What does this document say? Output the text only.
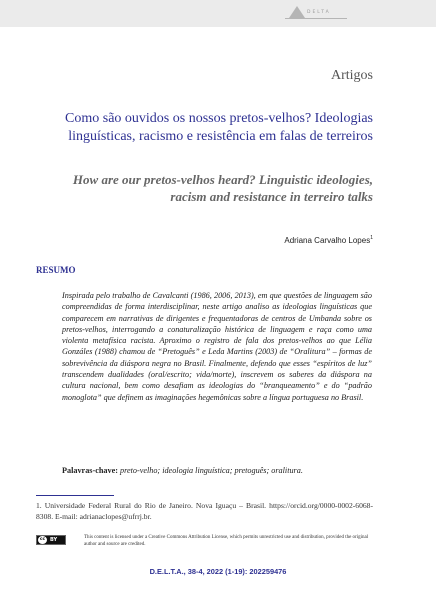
DELTA
Artigos
Como são ouvidos os nossos pretos-velhos? Ideologias linguísticas, racismo e resistência em falas de terreiros
How are our pretos-velhos heard? Linguistic ideologies, racism and resistance in terreiro talks
Adriana Carvalho Lopes$^1$
RESUMO
Inspirada pelo trabalho de Cavalcanti (1986, 2006, 2013), em que questões de linguagem são compreendidas de forma interdisciplinar, neste artigo analiso as ideologias linguísticas que comparecem em narrativas de dirigentes e frequentadoras de centros de Umbanda sobre os pretos-velhos, interrogando a conaturalização histórica de linguagem e raça como uma violenta metafísica racista. Aproximo o registro de fala dos pretos-velhos ao que Lélia Gonzáles (1988) chamou de “Pretoguês” e Leda Martins (2003) de “Oralitura” – formas de sobrevivência da diáspora negra no Brasil. Finalmente, defendo que esses “espíritos de luz” transcendem dualidades (oral/escrito; vida/morte), inscrevem os saberes da diáspora na cultura nacional, bem como desafiam as ideologias do “branqueamento” e do “padrão monoglota” que definem as imaginações hegemônicas sobre a língua portuguesa no Brasil.
Palavras-chave: preto-velho; ideologia linguística; pretoguês; oralitura.
1. Universidade Federal Rural do Rio de Janeiro. Nova Iguaçu – Brasil. https://orcid.org/0000-0002-6068-8308. E-mail: adrianaclopes@ufrrj.br.
cc BY	This content is licensed under a Creative Commons Attribution License, which permits unrestricted use and distribution, provided the original author and source are credited.
D.E.L.T.A., 38-4, 2022 (1-19): 202259476
